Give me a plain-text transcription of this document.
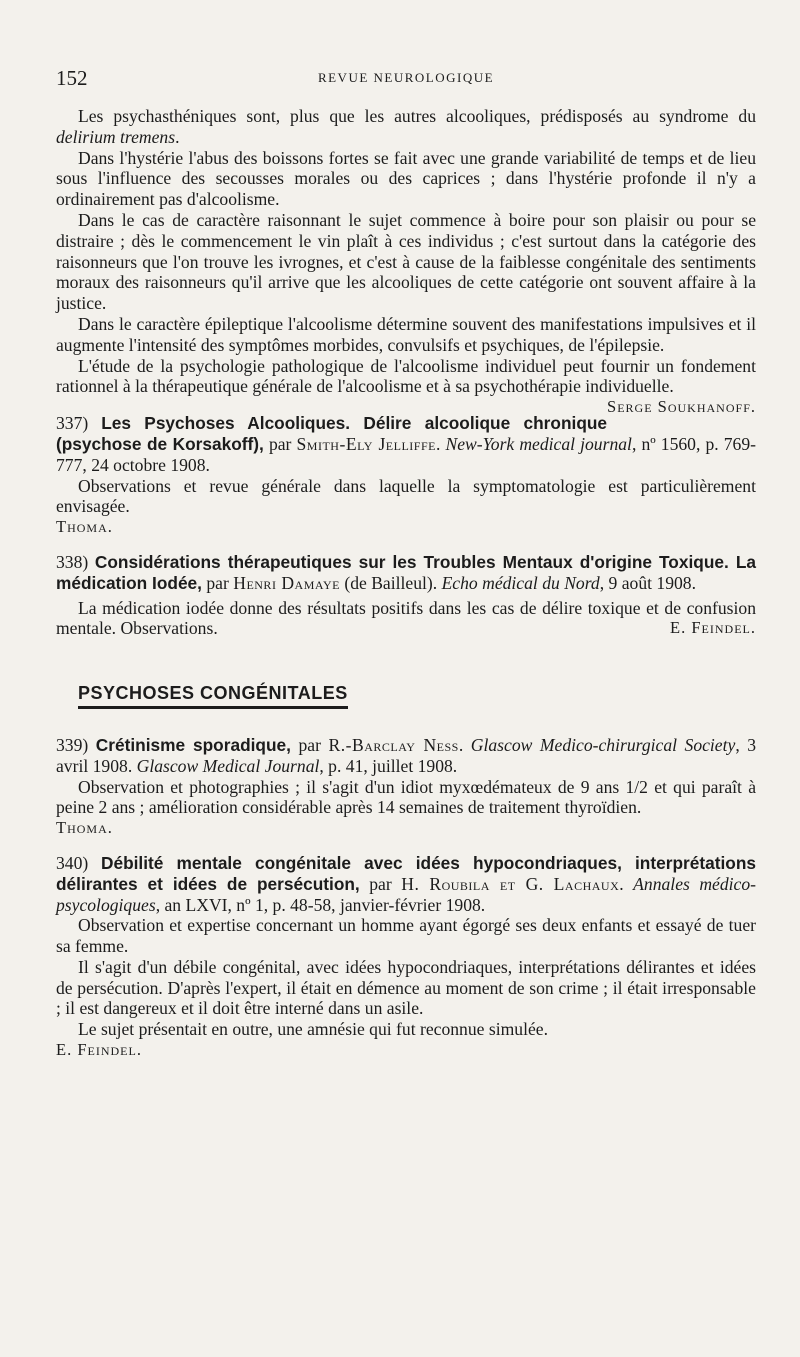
152	REVUE NEUROLOGIQUE

Les psychasthéniques sont, plus que les autres alcooliques, prédisposés au syndrome du delirium tremens.

Dans l'hystérie l'abus des boissons fortes se fait avec une grande variabilité de temps et de lieu sous l'influence des secousses morales ou des caprices ; dans l'hystérie profonde il n'y a ordinairement pas d'alcoolisme.

Dans le cas de caractère raisonnant le sujet commence à boire pour son plaisir ou pour se distraire ; dès le commencement le vin plaît à ces individus ; c'est surtout dans la catégorie des raisonneurs que l'on trouve les ivrognes, et c'est à cause de la faiblesse congénitale des sentiments moraux des raisonneurs qu'il arrive que les alcooliques de cette catégorie ont souvent affaire à la justice.

Dans le caractère épileptique l'alcoolisme détermine souvent des manifestations impulsives et il augmente l'intensité des symptômes morbides, convulsifs et psychiques, de l'épilepsie.

L'étude de la psychologie pathologique de l'alcoolisme individuel peut fournir un fondement rationnel à la thérapeutique générale de l'alcoolisme et à sa psychothérapie individuelle.
Serge Soukhanoff.

337) Les Psychoses Alcooliques. Délire alcoolique chronique (psychose de Korsakoff), par Smith-Ely Jelliffe. New-York medical journal, nº 1560, p. 769-777, 24 octobre 1908.

Observations et revue générale dans laquelle la symptomatologie est particulièrement envisagée.

Thoma.

338) Considérations thérapeutiques sur les Troubles Mentaux d'origine Toxique. La médication Iodée, par Henri Damaye (de Bailleul). Echo médical du Nord, 9 août 1908.

La médication iodée donne des résultats positifs dans les cas de délire toxique et de confusion mentale. Observations.	E. Feindel.

PSYCHOSES CONGÉNITALES

339) Crétinisme sporadique, par R.-Barclay Ness. Glascow Medico-chirurgical Society, 3 avril 1908. Glascow Medical Journal, p. 41, juillet 1908.

Observation et photographies ; il s'agit d'un idiot myxœdémateux de 9 ans 1/2 et qui paraît à peine 2 ans ; amélioration considérable après 14 semaines de traitement thyroïdien.

Thoma.

340) Débilité mentale congénitale avec idées hypocondriaques, interprétations délirantes et idées de persécution, par H. Roubila et G. Lachaux. Annales médico-psycologiques, an LXVI, nº 1, p. 48-58, janvier-février 1908.

Observation et expertise concernant un homme ayant égorgé ses deux enfants et essayé de tuer sa femme.

Il s'agit d'un débile congénital, avec idées hypocondriaques, interprétations délirantes et idées de persécution. D'après l'expert, il était en démence au moment de son crime ; il était irresponsable ; il est dangereux et il doit être interné dans un asile.

Le sujet présentait en outre, une amnésie qui fut reconnue simulée.

E. Feindel.
